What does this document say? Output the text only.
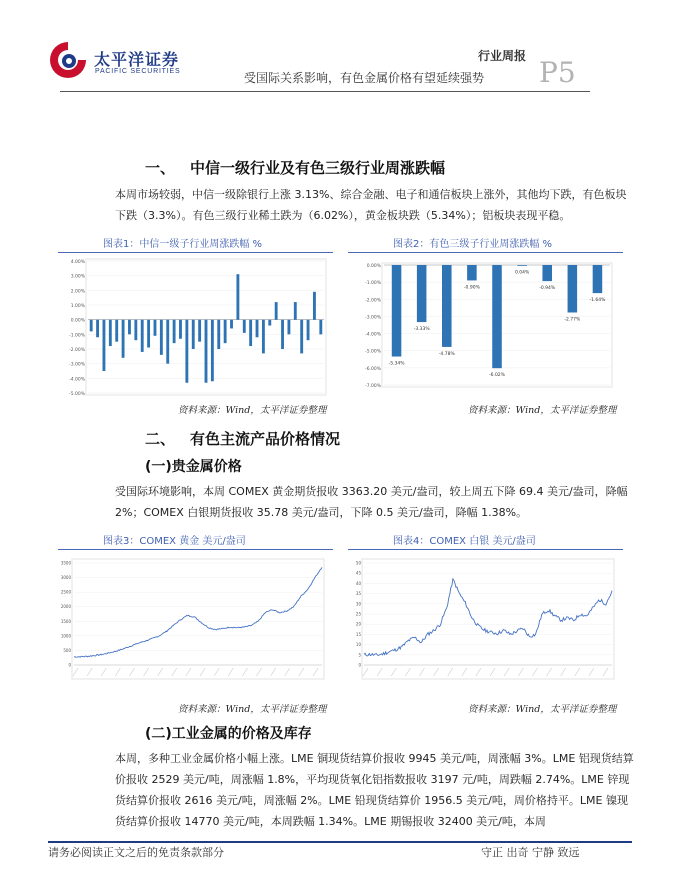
太平洋证券
PACIFIC SECURITIES
行业周报
受国际关系影响，有色金属价格有望延续强势 P5
一、 中信一级行业及有色三级行业周涨跌幅
本周市场较弱，中信一级除银行上涨 3.13%、综合金融、电子和通信板块上涨外，其他均下跌，有色板块下跌（3.3%）。有色三级行业稀土跌为（6.02%），黄金板块跌（5.34%）；铝板块表现平稳。
图表1：中信一级子行业周涨跌幅 %
4.00%
3.00%
2.00%
1.00%
0.00%
-1.00%
-2.00%
-3.00%
-4.00%
-5.00%
资料来源：Wind，太平洋证券整理
图表2：有色三级子行业周涨跌幅 %
0.00%
-1.00%
-2.00%
-3.00%
-4.00%
-5.00%
-6.00%
-7.00%
-5.34%
-3.33%
-4.78%
-0.90%
-6.02%
0.04%
-0.94%
-2.77%
-1.64%
资料来源：Wind，太平洋证券整理
二、 有色主流产品价格情况
(一)贵金属价格
受国际环境影响，本周 COMEX 黄金期货报收 3363.20 美元/盎司，较上周五下降 69.4 美元/盎司，降幅 2%；COMEX 白银期货报收 35.78 美元/盎司，下降 0.5 美元/盎司，降幅 1.38%。
图表3：COMEX 黄金 美元/盎司
3500
3000
2500
2000
1500
1000
500
0
资料来源：Wind，太平洋证券整理
图表4：COMEX 白银 美元/盎司
50
45
40
35
30
25
20
15
10
5
0
资料来源：Wind，太平洋证券整理
(二)工业金属的价格及库存
本周，多种工业金属价格小幅上涨。LME 铜现货结算价报收 9945 美元/吨，周涨幅 3%。LME 铝现货结算价报收 2529 美元/吨，周涨幅 1.8%，平均现货氧化铝指数报收 3197 元/吨，周跌幅 2.74%。LME 锌现货结算价报收 2616 美元/吨，周涨幅 2%。LME 铅现货结算价 1956.5 美元/吨，周价格持平。LME 镍现货结算价报收 14770 美元/吨，本周跌幅 1.34%。LME 期锡报收 32400 美元/吨，本周
请务必阅读正文之后的免责条款部分	守正 出奇 宁静 致远
